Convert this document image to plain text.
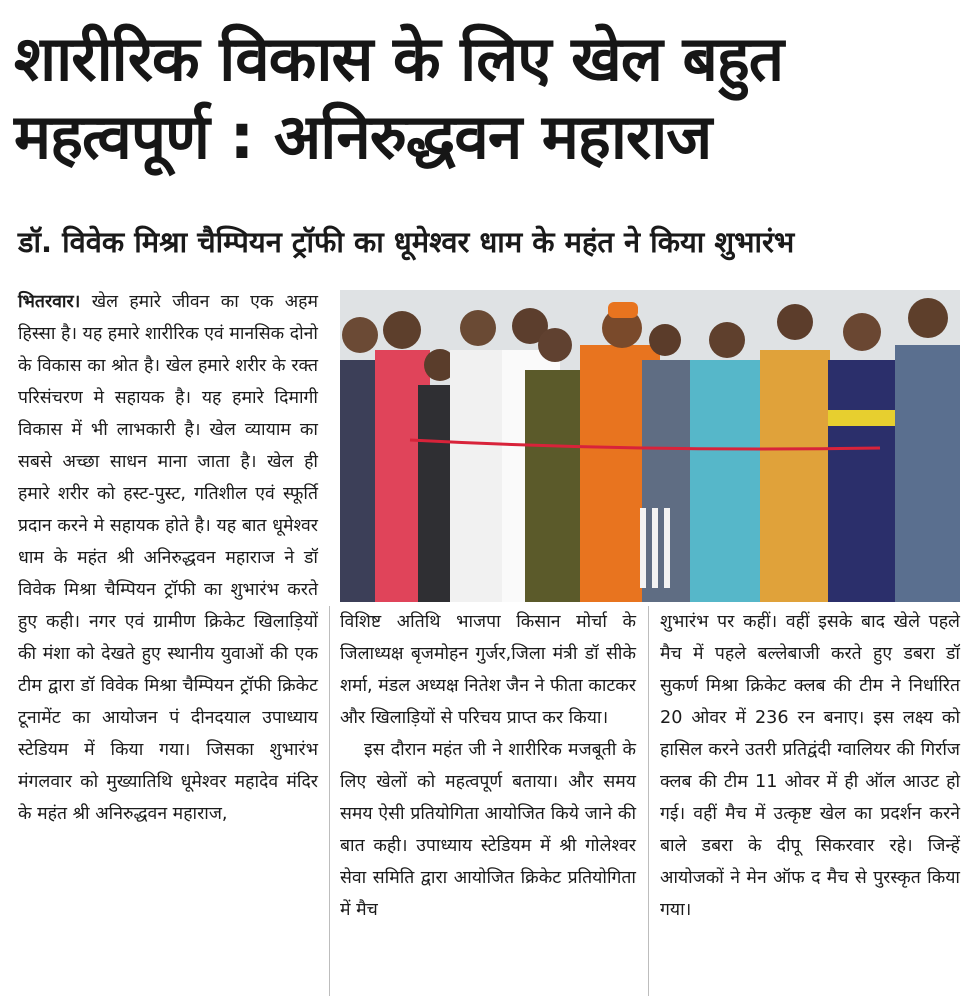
शारीरिक विकास के लिए खेल बहुत महत्वपूर्ण : अनिरुद्धवन महाराज
डॉ. विवेक मिश्रा चैम्पियन ट्रॉफी का धूमेश्वर धाम के महंत ने किया शुभारंभ

भितरवार। खेल हमारे जीवन का एक अहम हिस्सा है। यह हमारे शारीरिक एवं मानसिक दोनो के विकास का श्रोत है। खेल हमारे शरीर के रक्त परिसंचरण मे सहायक है। यह हमारे दिमागी विकास में भी लाभकारी है। खेल व्यायाम का सबसे अच्छा साधन माना जाता है। खेल ही हमारे शरीर को हस्ट-पुस्ट, गतिशील एवं स्फूर्ति प्रदान करने मे सहायक होते है। यह बात धूमेश्वर धाम के महंत श्री अनिरुद्धवन महाराज ने डॉ विवेक मिश्रा चैम्पियन ट्रॉफी का शुभारंभ करते हुए कही। नगर एवं ग्रामीण क्रिकेट खिलाड़ियों की मंशा को देखते हुए स्थानीय युवाओं की एक टीम द्वारा डॉ विवेक मिश्रा चैम्पियन ट्रॉफी क्रिकेट टूनामेंट का आयोजन पं दीनदयाल उपाध्याय स्टेडियम में किया गया। जिसका शुभारंभ मंगलवार को मुख्यातिथि धूमेश्वर महादेव मंदिर के महंत श्री अनिरुद्धवन महाराज,

विशिष्ट अतिथि भाजपा किसान मोर्चा के जिलाध्यक्ष बृजमोहन गुर्जर,जिला मंत्री डॉ सीके शर्मा, मंडल अध्यक्ष नितेश जैन ने फीता काटकर और खिलाड़ियों से परिचय प्राप्त कर किया।
इस दौरान महंत जी ने शारीरिक मजबूती के लिए खेलों को महत्वपूर्ण बताया। और समय समय ऐसी प्रतियोगिता आयोजित किये जाने की बात कही। उपाध्याय स्टेडियम में श्री गोलेश्वर सेवा समिति द्वारा आयोजित क्रिकेट प्रतियोगिता में मैच

शुभारंभ पर कहीं। वहीं इसके बाद खेले पहले मैच में पहले बल्लेबाजी करते हुए डबरा डॉ सुकर्ण मिश्रा क्रिकेट क्लब की टीम ने निर्धारित 20 ओवर में 236 रन बनाए। इस लक्ष्य को हासिल करने उतरी प्रतिद्वंदी ग्वालियर की गिर्राज क्लब की टीम 11 ओवर में ही ऑल आउट हो गई। वहीं मैच में उत्कृष्ट खेल का प्रदर्शन करने बाले डबरा के दीपू सिकरवार रहे। जिन्हें आयोजकों ने मेन ऑफ द मैच से पुरस्कृत किया गया।
